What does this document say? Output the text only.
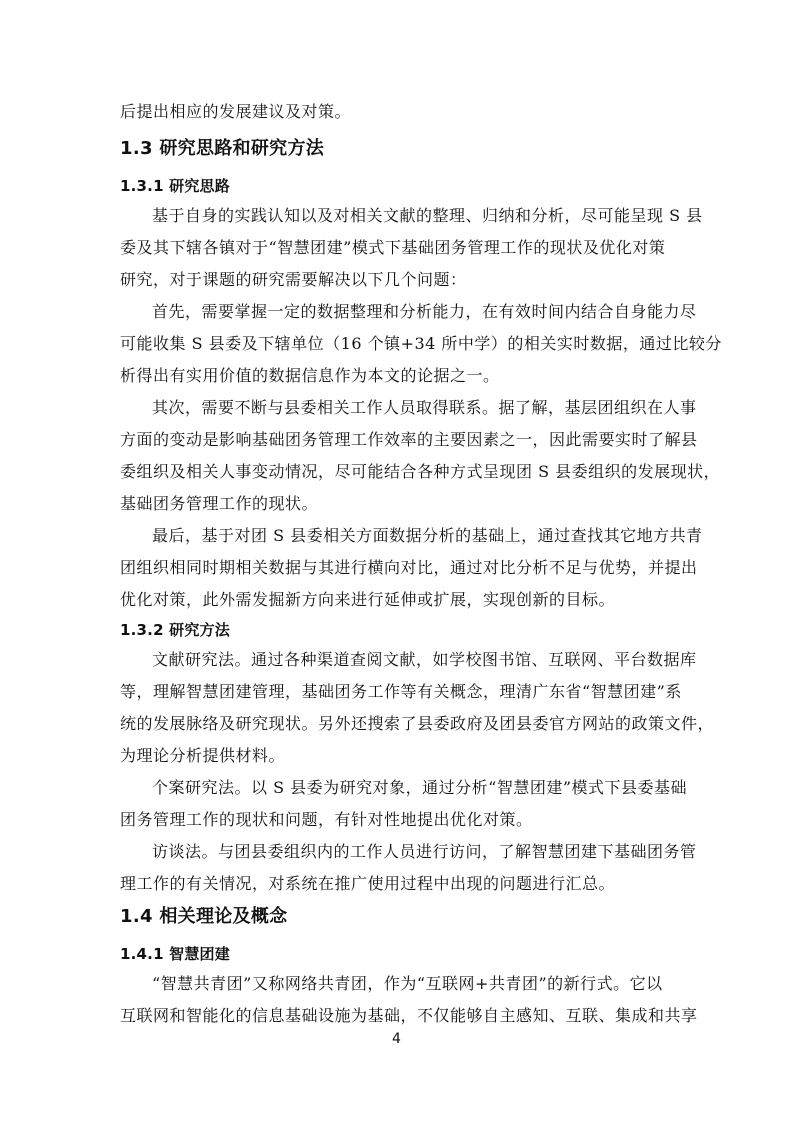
后提出相应的发展建议及对策。
1.3 研究思路和研究方法
1.3.1 研究思路
基于自身的实践认知以及对相关文献的整理、归纳和分析，尽可能呈现 S 县
委及其下辖各镇对于“智慧团建”模式下基础团务管理工作的现状及优化对策
研究，对于课题的研究需要解决以下几个问题：
首先，需要掌握一定的数据整理和分析能力，在有效时间内结合自身能力尽
可能收集 S 县委及下辖单位（16 个镇+34 所中学）的相关实时数据，通过比较分
析得出有实用价值的数据信息作为本文的论据之一。
其次，需要不断与县委相关工作人员取得联系。据了解，基层团组织在人事
方面的变动是影响基础团务管理工作效率的主要因素之一，因此需要实时了解县
委组织及相关人事变动情况，尽可能结合各种方式呈现团 S 县委组织的发展现状，
基础团务管理工作的现状。
最后，基于对团 S 县委相关方面数据分析的基础上，通过查找其它地方共青
团组织相同时期相关数据与其进行横向对比，通过对比分析不足与优势，并提出
优化对策，此外需发掘新方向来进行延伸或扩展，实现创新的目标。
1.3.2 研究方法
文献研究法。通过各种渠道查阅文献，如学校图书馆、互联网、平台数据库
等，理解智慧团建管理，基础团务工作等有关概念，理清广东省“智慧团建”系
统的发展脉络及研究现状。另外还搜索了县委政府及团县委官方网站的政策文件，
为理论分析提供材料。
个案研究法。以 S 县委为研究对象，通过分析“智慧团建”模式下县委基础
团务管理工作的现状和问题，有针对性地提出优化对策。
访谈法。与团县委组织内的工作人员进行访问，了解智慧团建下基础团务管
理工作的有关情况，对系统在推广使用过程中出现的问题进行汇总。
1.4 相关理论及概念
1.4.1 智慧团建
“智慧共青团”又称网络共青团，作为“互联网+共青团”的新行式。它以
互联网和智能化的信息基础设施为基础，不仅能够自主感知、互联、集成和共享
4
